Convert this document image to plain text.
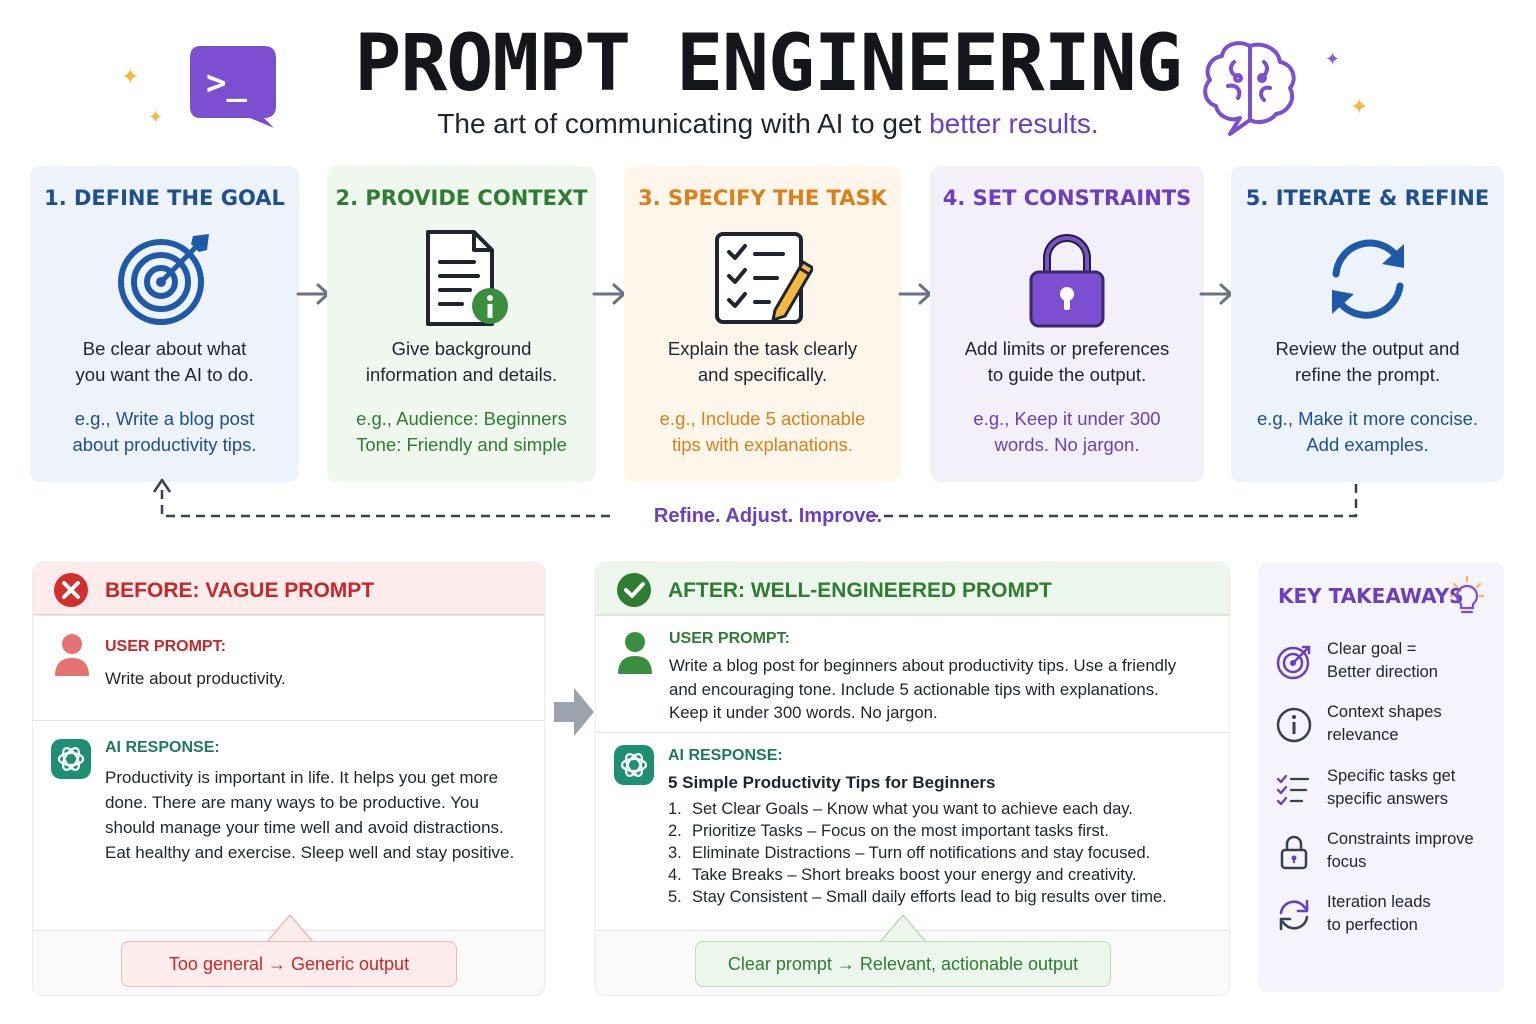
✦
✦
✦
✦
>_	PROMPT ENGINEERING
The art of communicating with AI to get better results.
1. DEFINE THE GOAL
Be clear about what
you want the AI to do.
e.g., Write a blog post
about productivity tips.
2. PROVIDE CONTEXT
Give background
information and details.
e.g., Audience: Beginners
Tone: Friendly and simple
3. SPECIFY THE TASK
Explain the task clearly
and specifically.
e.g., Include 5 actionable
tips with explanations.
4. SET CONSTRAINTS
Add limits or preferences
to guide the output.
e.g., Keep it under 300
words. No jargon.
5. ITERATE & REFINE
Review the output and
refine the prompt.
e.g., Make it more concise.
Add examples.
Refine. Adjust. Improve.
BEFORE: VAGUE PROMPT
USER PROMPT:
Write about productivity.
AI RESPONSE:
Productivity is important in life. It helps you get more
done. There are many ways to be productive. You
should manage your time well and avoid distractions.
Eat healthy and exercise. Sleep well and stay positive.
Too general → Generic output
AFTER: WELL-ENGINEERED PROMPT
USER PROMPT:
Write a blog post for beginners about productivity tips. Use a friendly
and encouraging tone. Include 5 actionable tips with explanations.
Keep it under 300 words. No jargon.
AI RESPONSE:
5 Simple Productivity Tips for Beginners
Clear prompt → Relevant, actionable output
1. Set Clear Goals – Know what you want to achieve each day.
2. Prioritize Tasks – Focus on the most important tasks first.
3. Eliminate Distractions – Turn off notifications and stay focused.
4. Take Breaks – Short breaks boost your energy and creativity.
5. Stay Consistent – Small daily efforts lead to big results over time.
KEY TAKEAWAYS
Clear goal =
Better direction
Context shapes
relevance
Specific tasks get
specific answers
Constraints improve
focus
Iteration leads
to perfection
